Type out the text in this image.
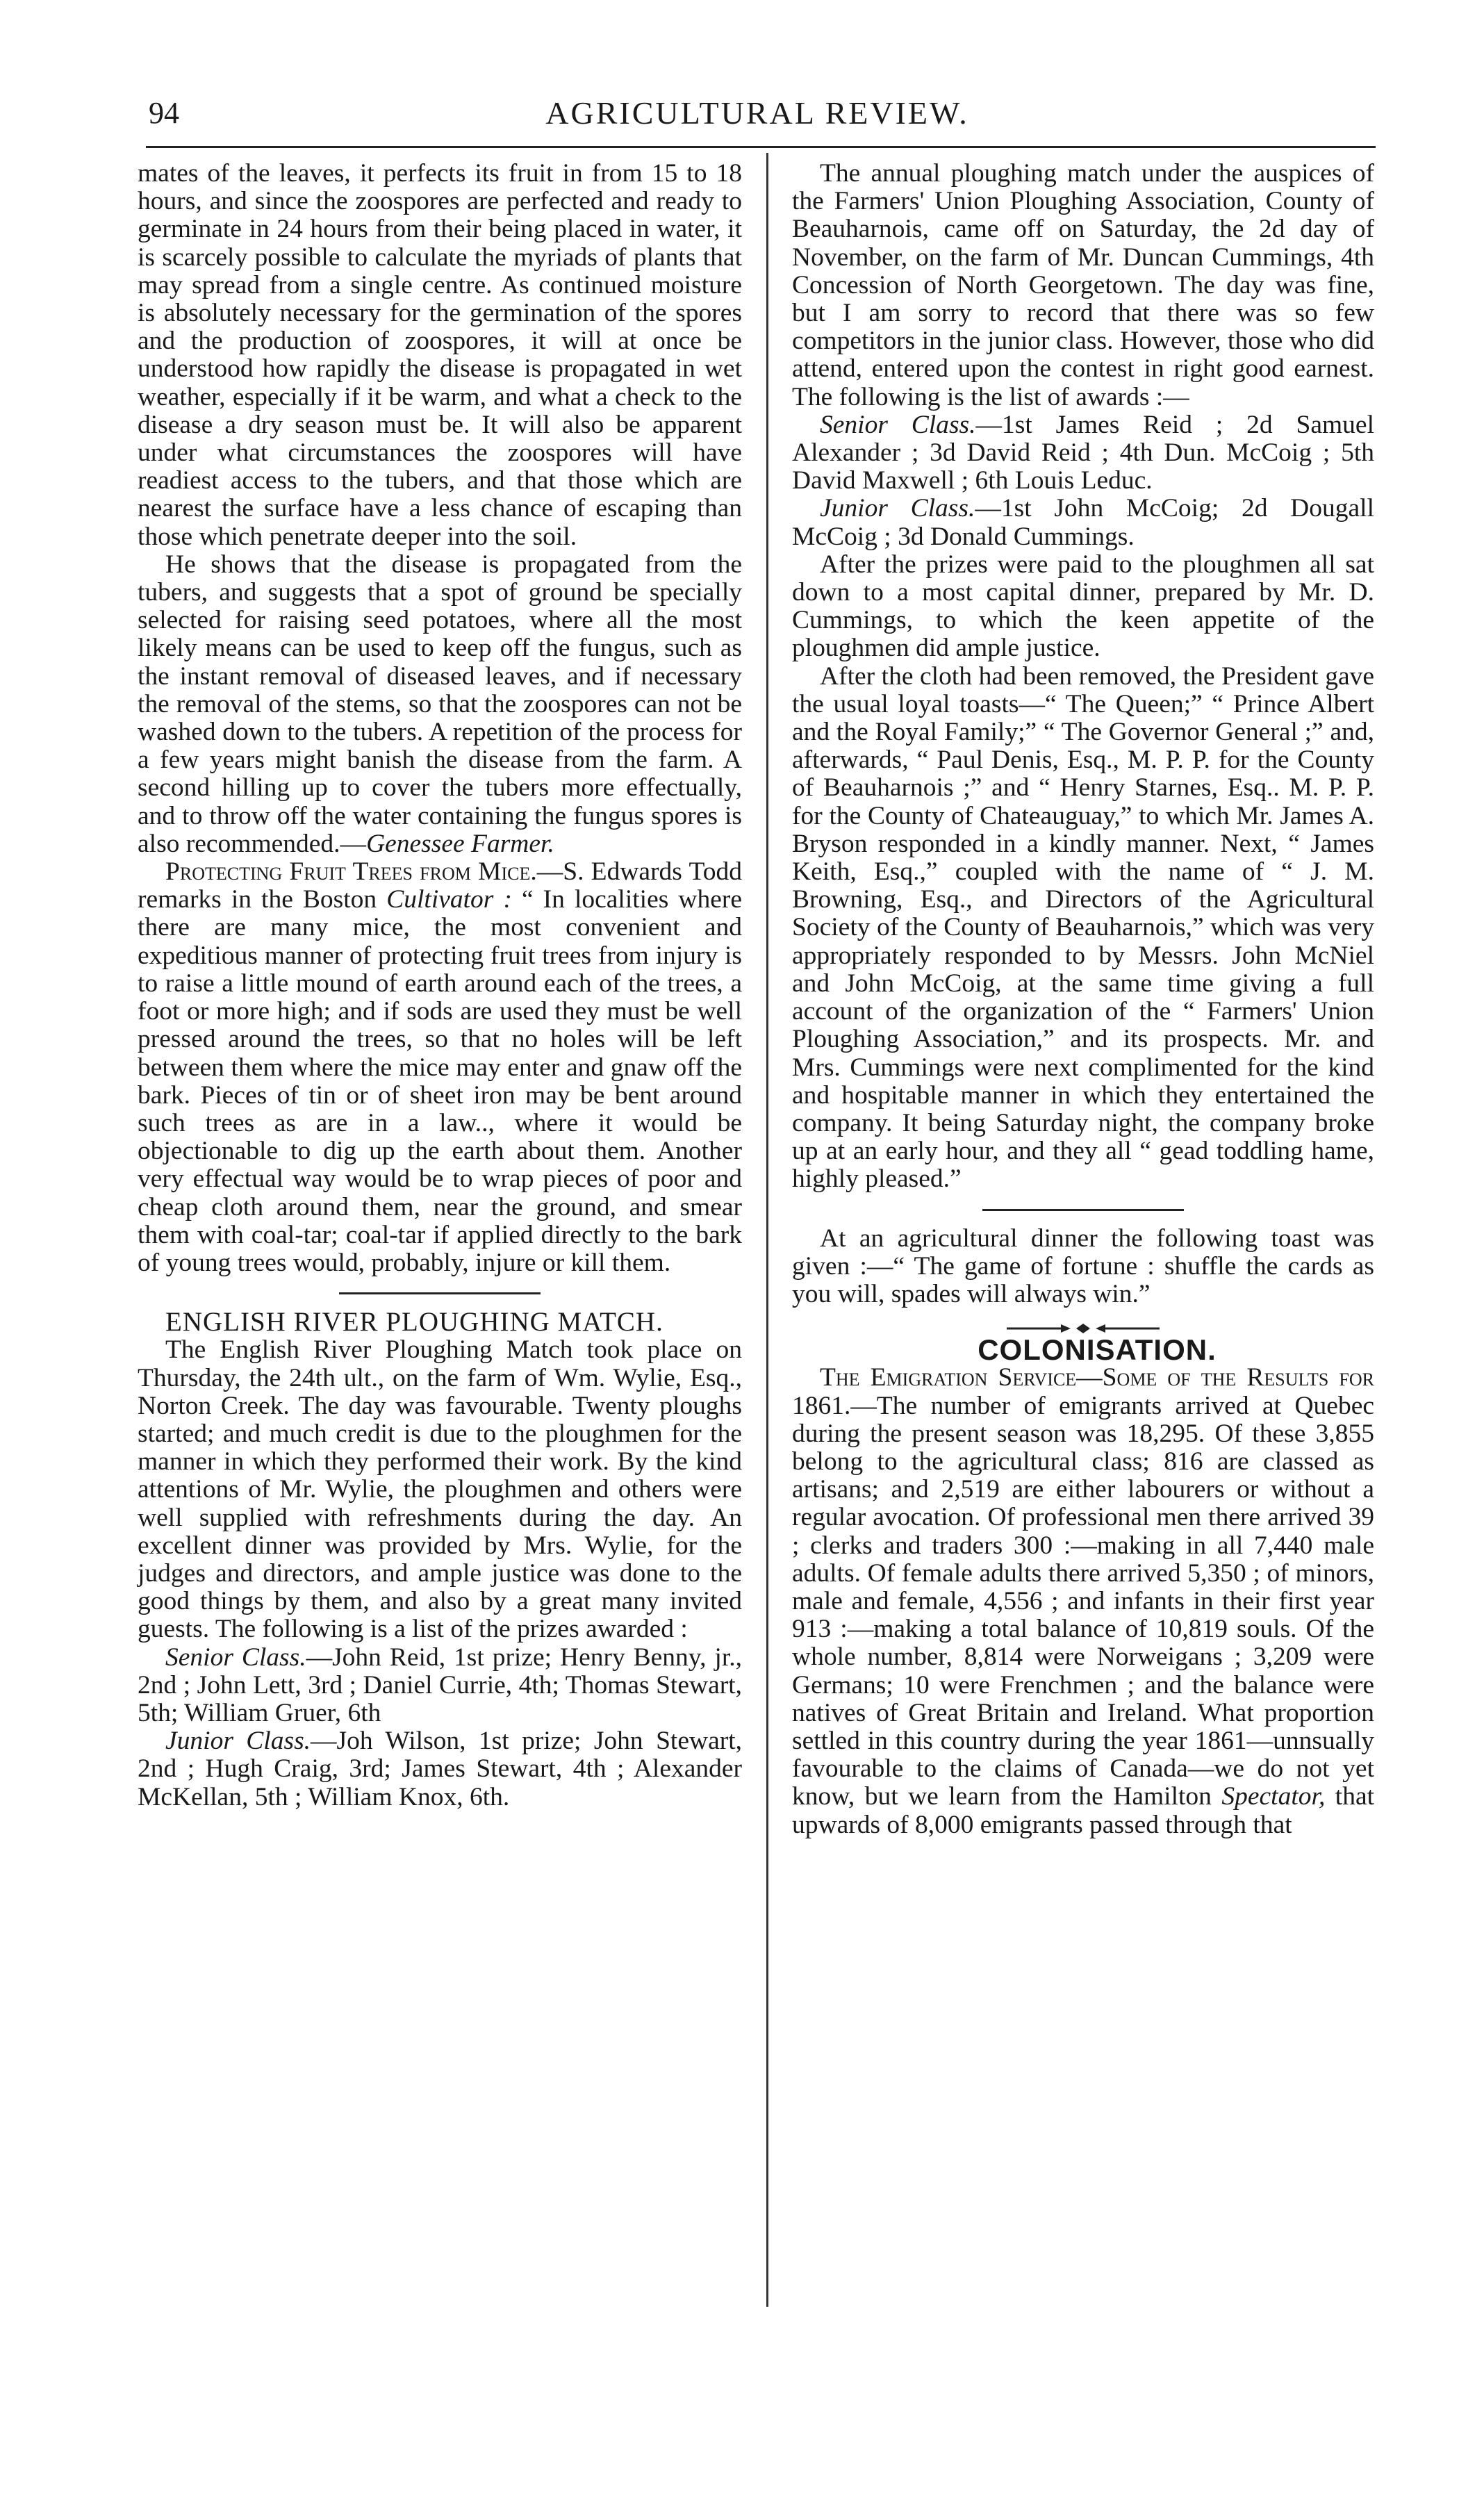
94	AGRICULTURAL REVIEW.

mates of the leaves, it perfects its fruit in from 15 to 18 hours, and since the zoospores are perfected and ready to germinate in 24 hours from their being placed in water, it is scarcely possible to calculate the myriads of plants that may spread from a single centre. As continued moisture is absolutely necessary for the germination of the spores and the production of zoospores, it will at once be understood how rapidly the disease is propagated in wet weather, especially if it be warm, and what a check to the disease a dry season must be. It will also be apparent under what circumstances the zoospores will have readiest access to the tubers, and that those which are nearest the surface have a less chance of escaping than those which penetrate deeper into the soil.

He shows that the disease is propagated from the tubers, and suggests that a spot of ground be specially selected for raising seed potatoes, where all the most likely means can be used to keep off the fungus, such as the instant removal of diseased leaves, and if necessary the removal of the stems, so that the zoospores can not be washed down to the tubers. A repetition of the process for a few years might banish the disease from the farm. A second hilling up to cover the tubers more effectually, and to throw off the water containing the fungus spores is also recommended.—Genessee Farmer.

Protecting Fruit Trees from Mice.—S. Edwards Todd remarks in the Boston Cultivator : “ In localities where there are many mice, the most convenient and expeditious manner of protecting fruit trees from injury is to raise a little mound of earth around each of the trees, a foot or more high; and if sods are used they must be well pressed around the trees, so that no holes will be left between them where the mice may enter and gnaw off the bark. Pieces of tin or of sheet iron may be bent around such trees as are in a law.., where it would be objectionable to dig up the earth about them. Another very effectual way would be to wrap pieces of poor and cheap cloth around them, near the ground, and smear them with coal-tar; coal-tar if applied directly to the bark of young trees would, probably, injure or kill them.

ENGLISH RIVER PLOUGHING MATCH.

The English River Ploughing Match took place on Thursday, the 24th ult., on the farm of Wm. Wylie, Esq., Norton Creek. The day was favourable. Twenty ploughs started; and much credit is due to the ploughmen for the manner in which they performed their work. By the kind attentions of Mr. Wylie, the ploughmen and others were well supplied with refreshments during the day. An excellent dinner was provided by Mrs. Wylie, for the judges and directors, and ample justice was done to the good things by them, and also by a great many invited guests. The following is a list of the prizes awarded :

Senior Class.—John Reid, 1st prize; Henry Benny, jr., 2nd ; John Lett, 3rd ; Daniel Currie, 4th; Thomas Stewart, 5th; William Gruer, 6th

Junior Class.—Joh Wilson, 1st prize; John Stewart, 2nd ; Hugh Craig, 3rd; James Stewart, 4th ; Alexander McKellan, 5th ; William Knox, 6th.

The annual ploughing match under the auspices of the Farmers' Union Ploughing Association, County of Beauharnois, came off on Saturday, the 2d day of November, on the farm of Mr. Duncan Cummings, 4th Concession of North Georgetown. The day was fine, but I am sorry to record that there was so few competitors in the junior class. However, those who did attend, entered upon the contest in right good earnest. The following is the list of awards :—

Senior Class.—1st James Reid ; 2d Samuel Alexander ; 3d David Reid ; 4th Dun. McCoig ; 5th David Maxwell ; 6th Louis Leduc.

Junior Class.—1st John McCoig; 2d Dougall McCoig ; 3d Donald Cummings.

After the prizes were paid to the ploughmen all sat down to a most capital dinner, prepared by Mr. D. Cummings, to which the keen appetite of the ploughmen did ample justice.

After the cloth had been removed, the President gave the usual loyal toasts—“ The Queen;” “ Prince Albert and the Royal Family;” “ The Governor General ;” and, afterwards, “ Paul Denis, Esq., M. P. P. for the County of Beauharnois ;” and “ Henry Starnes, Esq.. M. P. P. for the County of Chateauguay,” to which Mr. James A. Bryson responded in a kindly manner. Next, “ James Keith, Esq.,” coupled with the name of “ J. M. Browning, Esq., and Directors of the Agricultural Society of the County of Beauharnois,” which was very appropriately responded to by Messrs. John McNiel and John McCoig, at the same time giving a full account of the organization of the “ Farmers' Union Ploughing Association,” and its prospects. Mr. and Mrs. Cummings were next complimented for the kind and hospitable manner in which they entertained the company. It being Saturday night, the company broke up at an early hour, and they all “ gead toddling hame, highly pleased.”

At an agricultural dinner the following toast was given :—“ The game of fortune : shuffle the cards as you will, spades will always win.”

COLONISATION.

The Emigration Service—Some of the Results for 1861.—The number of emigrants arrived at Quebec during the present season was 18,295. Of these 3,855 belong to the agricultural class; 816 are classed as artisans; and 2,519 are either labourers or without a regular avocation. Of professional men there arrived 39 ; clerks and traders 300 :—making in all 7,440 male adults. Of female adults there arrived 5,350 ; of minors, male and female, 4,556 ; and infants in their first year 913 :—making a total balance of 10,819 souls. Of the whole number, 8,814 were Norweigans ; 3,209 were Germans; 10 were Frenchmen ; and the balance were natives of Great Britain and Ireland. What proportion settled in this country during the year 1861—unnsually favourable to the claims of Canada—we do not yet know, but we learn from the Hamilton Spectator, that upwards of 8,000 emigrants passed through that
